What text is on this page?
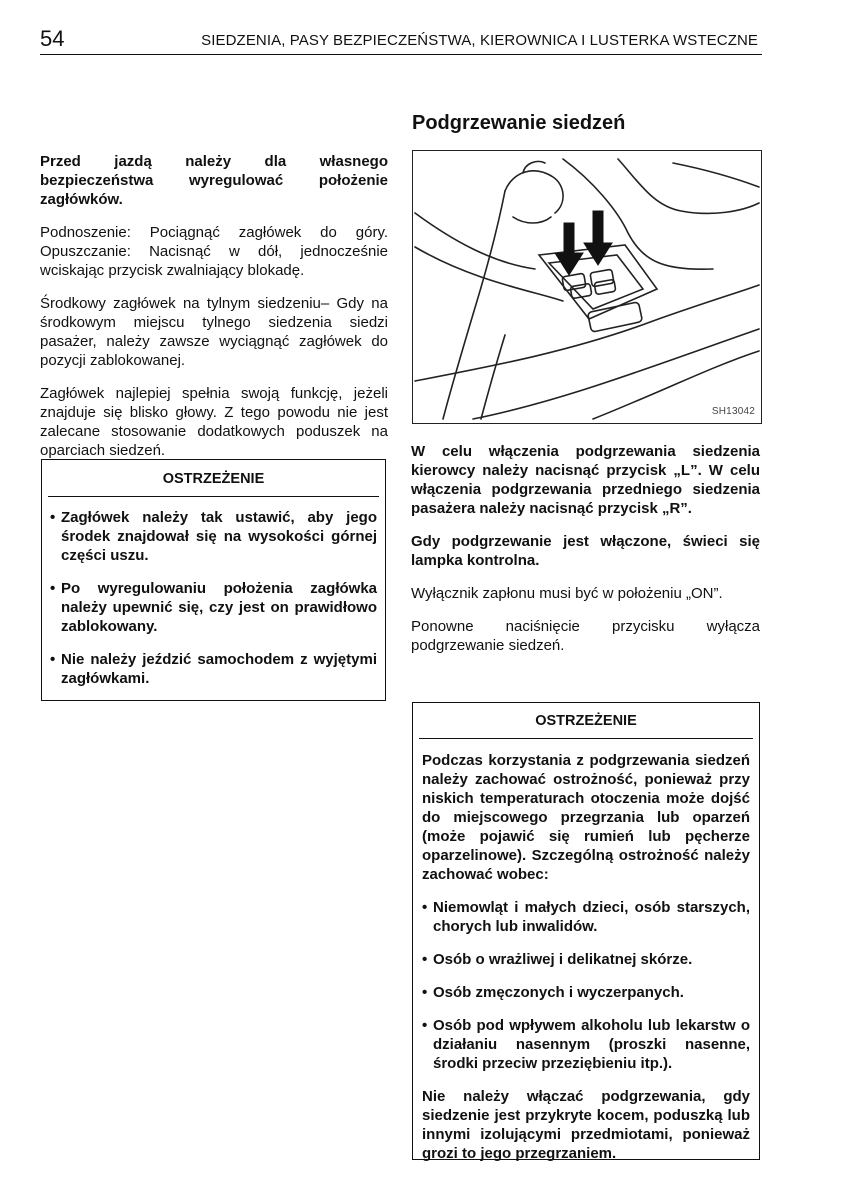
54	SIEDZENIA, PASY BEZPIECZEŃSTWA, KIEROWNICA I LUSTERKA WSTECZNE

Przed jazdą należy dla własnego bezpieczeństwa wyregulować położenie zagłówków.

Podnoszenie: Pociągnąć zagłówek do góry. Opuszczanie: Nacisnąć w dół, jednocześnie wciskając przycisk zwalniający blokadę.

Środkowy zagłówek na tylnym siedzeniu– Gdy na środkowym miejscu tylnego siedzenia siedzi pasażer, należy zawsze wyciągnąć zagłówek do pozycji zablokowanej.

Zagłówek najlepiej spełnia swoją funkcję, jeżeli znajduje się blisko głowy. Z tego powodu nie jest zalecane stosowanie dodatkowych poduszek na oparciach siedzeń.

OSTRZEŻENIE
• Zagłówek należy tak ustawić, aby jego środek znajdował się na wysokości górnej części uszu.
• Po wyregulowaniu położenia zagłówka należy upewnić się, czy jest on prawidłowo zablokowany.
• Nie należy jeździć samochodem z wyjętymi zagłówkami.
Podgrzewanie siedzeń
SH13042

W celu włączenia podgrzewania siedzenia kierowcy należy nacisnąć przycisk „L”. W celu włączenia podgrzewania przedniego siedzenia pasażera należy nacisnąć przycisk „R”.

Gdy podgrzewanie jest włączone, świeci się lampka kontrolna.

Wyłącznik zapłonu musi być w położeniu „ON”.

Ponowne naciśnięcie przycisku wyłącza podgrzewanie siedzeń.

OSTRZEŻENIE

Podczas korzystania z podgrzewania siedzeń należy zachować ostrożność, ponieważ przy niskich temperaturach otoczenia może dojść do miejscowego przegrzania lub oparzeń (może pojawić się rumień lub pęcherze oparzelinowe). Szczególną ostrożność należy zachować wobec:

• Niemowląt i małych dzieci, osób starszych, chorych lub inwalidów.
• Osób o wrażliwej i delikatnej skórze.
• Osób zmęczonych i wyczerpanych.
• Osób pod wpływem alkoholu lub lekarstw o działaniu nasennym (proszki nasenne, środki przeciw przeziębieniu itp.).

Nie należy włączać podgrzewania, gdy siedzenie jest przykryte kocem, poduszką lub innymi izolującymi przedmiotami, ponieważ grozi to jego przegrzaniem.
